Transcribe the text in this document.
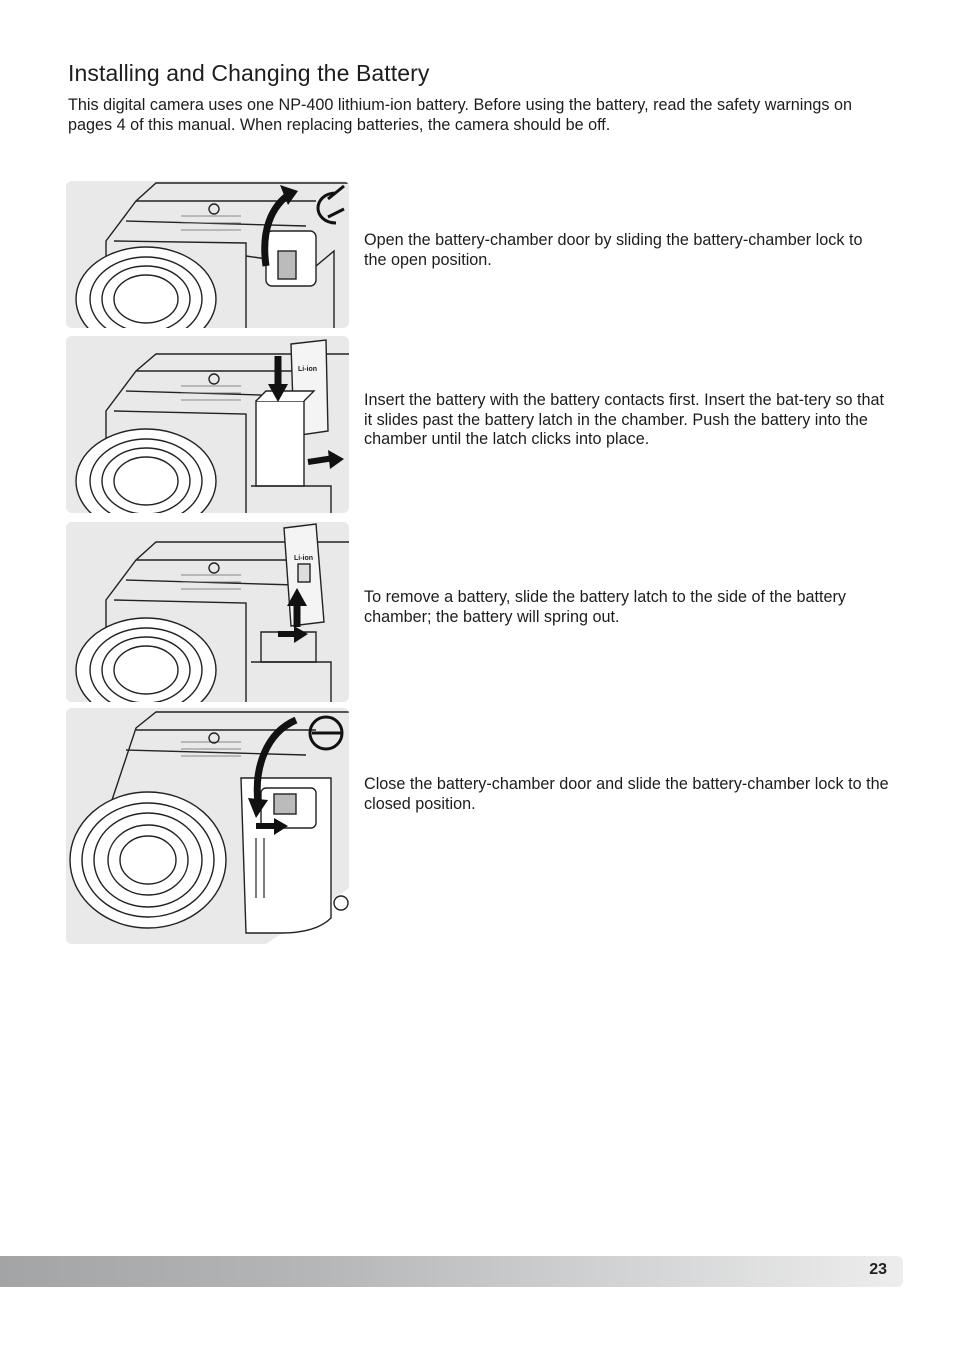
Installing and Changing the Battery

This digital camera uses one NP-400 lithium-ion battery. Before using the battery, read the safety warnings on pages 4 of this manual. When replacing batteries, the camera should be off.

Open the battery-chamber door by sliding the battery-chamber lock to the open position.

Li-ion

Insert the battery with the battery contacts first. Insert the bat-tery so that it slides past the battery latch in the chamber. Push the battery into the chamber until the latch clicks into place.

Li-ion

To remove a battery, slide the battery latch to the side of the battery chamber; the battery will spring out.

Close the battery-chamber door and slide the battery-chamber lock to the closed position.

23
